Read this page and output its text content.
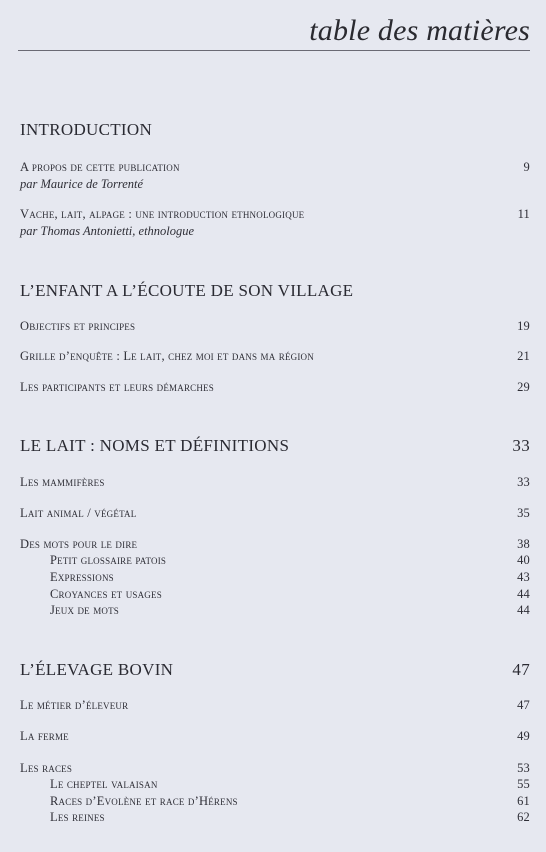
table des matières
INTRODUCTION
A propos de cette publication	9
par Maurice de Torrenté
Vache, lait, alpage : une introduction ethnologique	11
par Thomas Antonietti, ethnologue
L’ENFANT A L’ÉCOUTE DE SON VILLAGE
Objectifs et principes	19
Grille d’enquête : Le lait, chez moi et dans ma région	21
Les participants et leurs démarches	29
LE LAIT : NOMS ET DÉFINITIONS	33
Les mammifères	33
Lait animal / végétal	35
Des mots pour le dire	38
Petit glossaire patois	40
Expressions	43
Croyances et usages	44
Jeux de mots	44
L’ÉLEVAGE BOVIN	47
Le métier d’éleveur	47
La ferme	49
Les races	53
Le cheptel valaisan	55
Races d’Evolène et race d’Hérens	61
Les reines	62
